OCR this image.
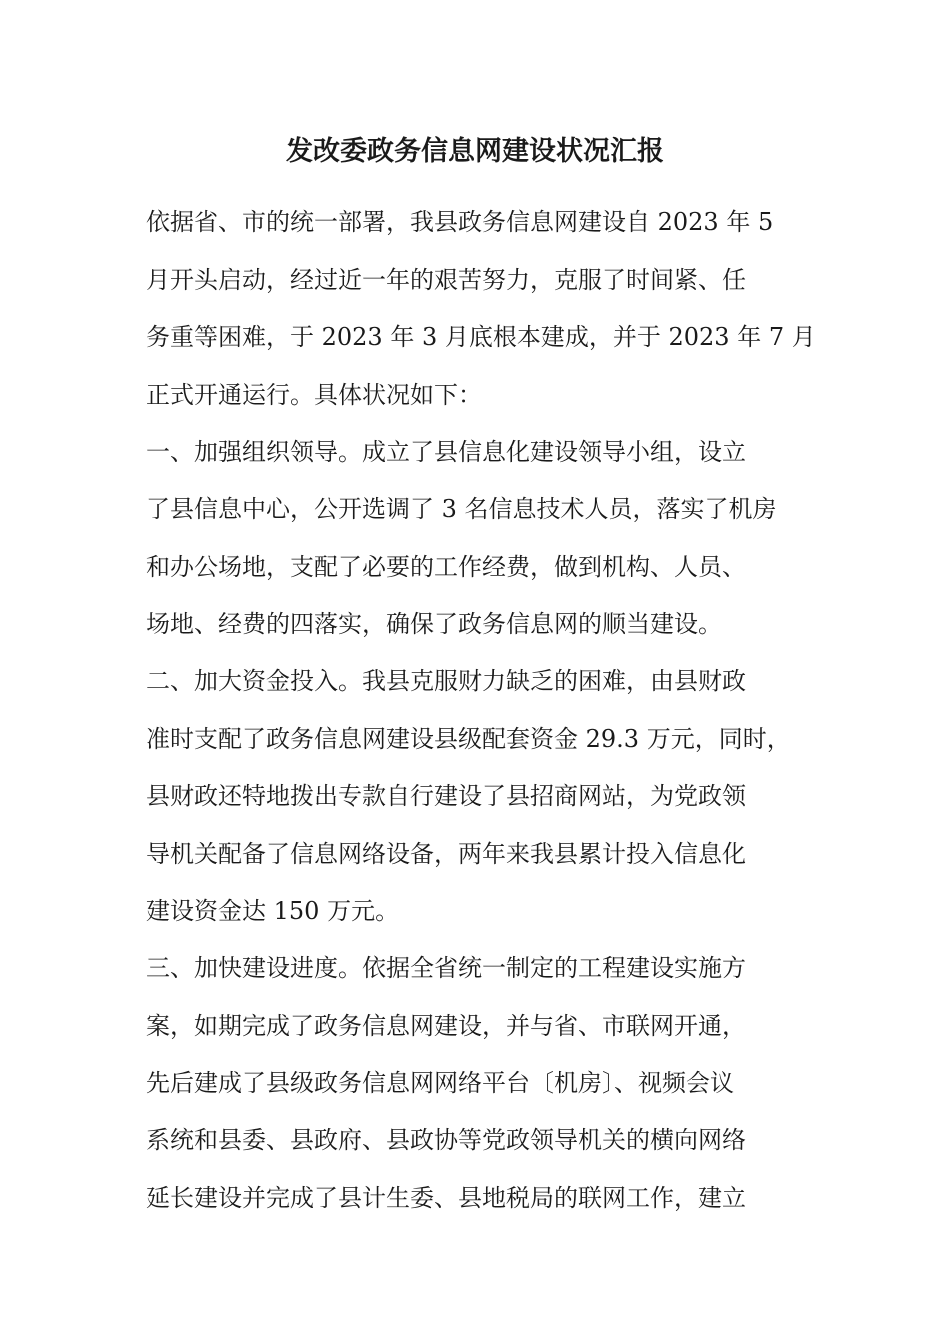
发改委政务信息网建设状况汇报
依据省、市的统一部署，我县政务信息网建设自 2023 年 5
月开头启动，经过近一年的艰苦努力，克服了时间紧、任
务重等困难，于 2023 年 3 月底根本建成，并于 2023 年 7 月
正式开通运行。具体状况如下：
一、加强组织领导。成立了县信息化建设领导小组，设立
了县信息中心，公开选调了 3 名信息技术人员，落实了机房
和办公场地，支配了必要的工作经费，做到机构、人员、
场地、经费的四落实，确保了政务信息网的顺当建设。
二、加大资金投入。我县克服财力缺乏的困难，由县财政
准时支配了政务信息网建设县级配套资金 29.3 万元，同时，
县财政还特地拨出专款自行建设了县招商网站，为党政领
导机关配备了信息网络设备，两年来我县累计投入信息化
建设资金达 150 万元。
三、加快建设进度。依据全省统一制定的工程建设实施方
案，如期完成了政务信息网建设，并与省、市联网开通，
先后建成了县级政务信息网网络平台〔机房〕、视频会议
系统和县委、县政府、县政协等党政领导机关的横向网络
延长建设并完成了县计生委、县地税局的联网工作，建立
